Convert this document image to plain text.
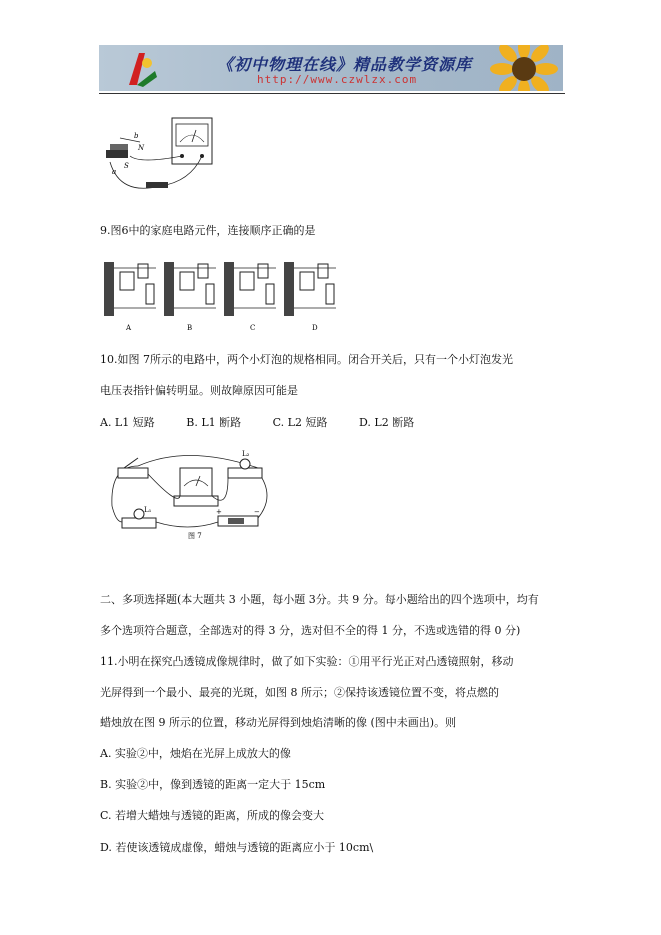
《初中物理在线》精品教学资源库
http://www.czwlzx.com
b
N
S
a
9.图6中的家庭电路元件，连接顺序正确的是
A	B	C	D
10.如图 7所示的电路中，两个小灯泡的规格相同。闭合开关后，只有一个小灯泡发光
电压表指针偏转明显。则故障原因可能是
A. L1 短路	B. L1 断路	C. L2 短路	D. L2 断路
L₂
L₁	+	−
图 7
二、多项选择题(本大题共 3 小题，每小题 3分。共 9 分。每小题给出的四个选项中，均有
多个选项符合题意，全部选对的得 3 分，选对但不全的得 1 分，不选或选错的得 0 分)
11.小明在探究凸透镜成像规律时，做了如下实验：①用平行光正对凸透镜照射，移动
光屏得到一个最小、最亮的光斑，如图 8 所示；②保持该透镜位置不变，将点燃的
蜡烛放在图 9 所示的位置，移动光屏得到烛焰清晰的像 (图中未画出)。则
A. 实验②中，烛焰在光屏上成放大的像
B. 实验②中，像到透镜的距离一定大于 15cm
C. 若增大蜡烛与透镜的距离，所成的像会变大
D. 若使该透镜成虚像，蜡烛与透镜的距离应小于 10cm\
